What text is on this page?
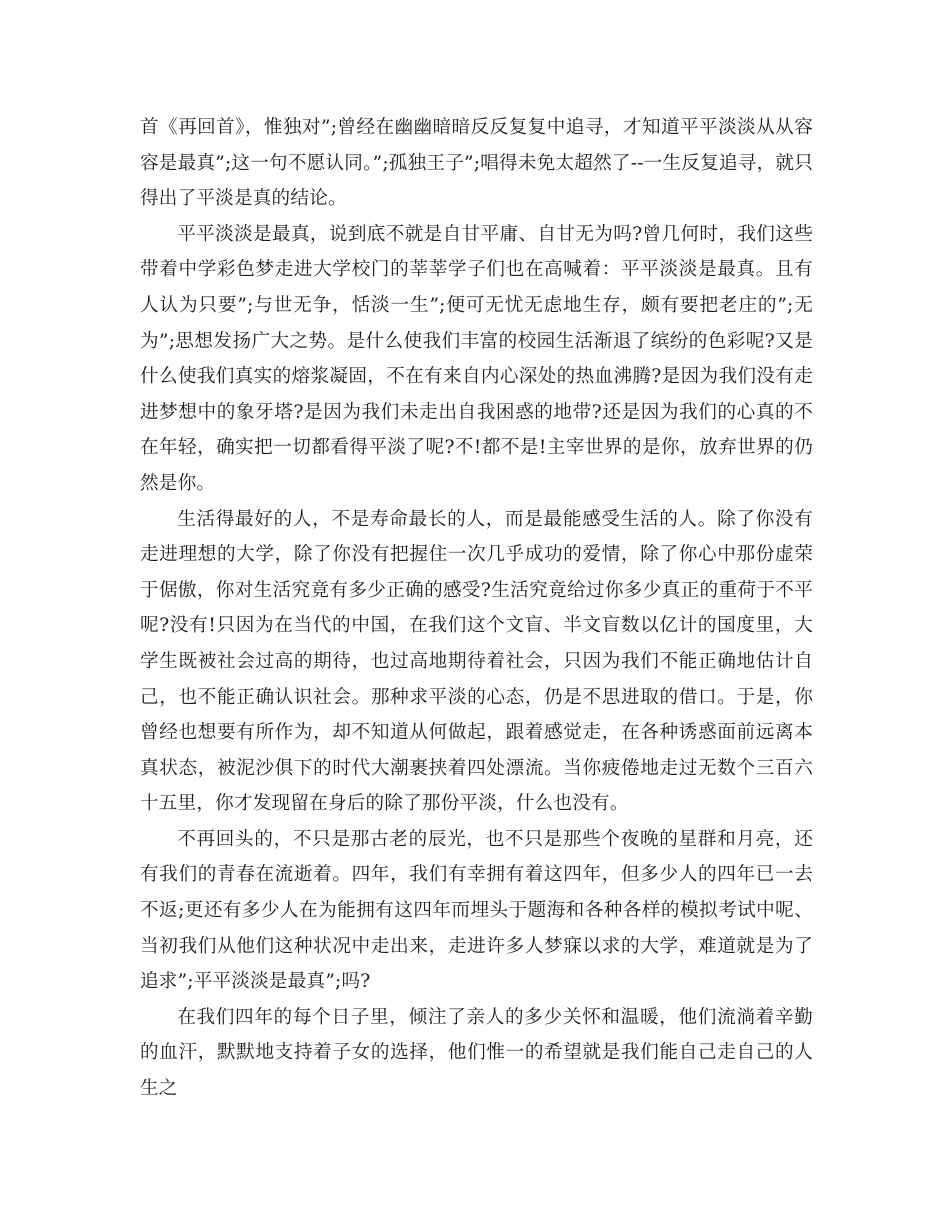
首《再回首》，惟独对”;曾经在幽幽暗暗反反复复中追寻，才知道平平淡淡从从容容是最真”;这一句不愿认同。”;孤独王子”;唱得未免太超然了--一生反复追寻，就只得出了平淡是真的结论。

平平淡淡是最真，说到底不就是自甘平庸、自甘无为吗?曾几何时，我们这些带着中学彩色梦走进大学校门的莘莘学子们也在高喊着：平平淡淡是最真。且有人认为只要”;与世无争，恬淡一生”;便可无忧无虑地生存，颇有要把老庄的”;无为”;思想发扬广大之势。是什么使我们丰富的校园生活渐退了缤纷的色彩呢?又是什么使我们真实的熔浆凝固，不在有来自内心深处的热血沸腾?是因为我们没有走进梦想中的象牙塔?是因为我们未走出自我困惑的地带?还是因为我们的心真的不在年轻，确实把一切都看得平淡了呢?不!都不是!主宰世界的是你，放弃世界的仍然是你。

生活得最好的人，不是寿命最长的人，而是最能感受生活的人。除了你没有走进理想的大学，除了你没有把握住一次几乎成功的爱情，除了你心中那份虚荣于倨傲，你对生活究竟有多少正确的感受?生活究竟给过你多少真正的重荷于不平呢?没有!只因为在当代的中国，在我们这个文盲、半文盲数以亿计的国度里，大学生既被社会过高的期待，也过高地期待着社会，只因为我们不能正确地估计自己，也不能正确认识社会。那种求平淡的心态，仍是不思进取的借口。于是，你曾经也想要有所作为，却不知道从何做起，跟着感觉走，在各种诱惑面前远离本真状态，被泥沙俱下的时代大潮裹挟着四处漂流。当你疲倦地走过无数个三百六十五里，你才发现留在身后的除了那份平淡，什么也没有。

不再回头的，不只是那古老的辰光，也不只是那些个夜晚的星群和月亮，还有我们的青春在流逝着。四年，我们有幸拥有着这四年，但多少人的四年已一去不返;更还有多少人在为能拥有这四年而埋头于题海和各种各样的模拟考试中呢、当初我们从他们这种状况中走出来，走进许多人梦寐以求的大学，难道就是为了追求”;平平淡淡是最真”;吗?

在我们四年的每个日子里，倾注了亲人的多少关怀和温暖，他们流淌着辛勤的血汗，默默地支持着子女的选择，他们惟一的希望就是我们能自己走自己的人生之
